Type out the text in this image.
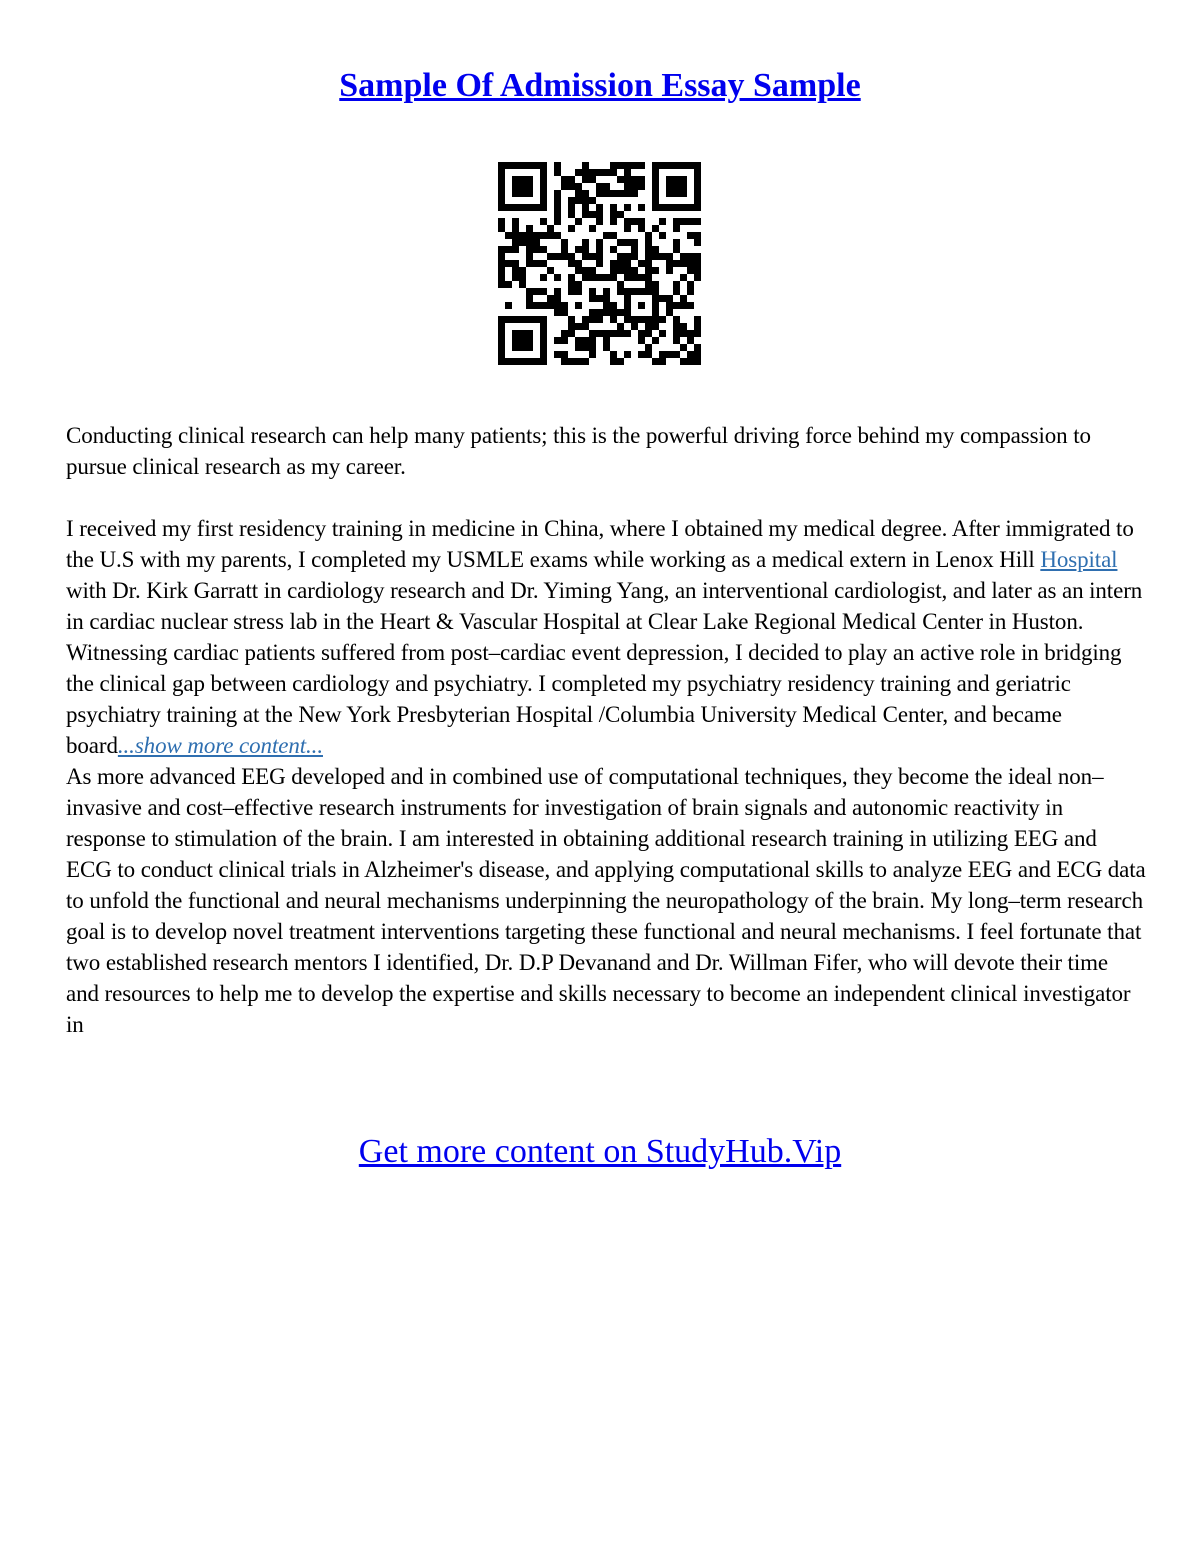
Sample Of Admission Essay Sample

Conducting clinical research can help many patients; this is the powerful driving force behind my compassion to pursue clinical research as my career.

I received my first residency training in medicine in China, where I obtained my medical degree. After immigrated to the U.S with my parents, I completed my USMLE exams while working as a medical extern in Lenox Hill Hospital with Dr. Kirk Garratt in cardiology research and Dr. Yiming Yang, an interventional cardiologist, and later as an intern in cardiac nuclear stress lab in the Heart & Vascular Hospital at Clear Lake Regional Medical Center in Huston. Witnessing cardiac patients suffered from post–cardiac event depression, I decided to play an active role in bridging the clinical gap between cardiology and psychiatry. I completed my psychiatry residency training and geriatric psychiatry training at the New York Presbyterian Hospital /Columbia University Medical Center, and became board...show more content...

As more advanced EEG developed and in combined use of computational techniques, they become the ideal non–invasive and cost–effective research instruments for investigation of brain signals and autonomic reactivity in response to stimulation of the brain. I am interested in obtaining additional research training in utilizing EEG and ECG to conduct clinical trials in Alzheimer's disease, and applying computational skills to analyze EEG and ECG data to unfold the functional and neural mechanisms underpinning the neuropathology of the brain. My long–term research goal is to develop novel treatment interventions targeting these functional and neural mechanisms. I feel fortunate that two established research mentors I identified, Dr. D.P Devanand and Dr. Willman Fifer, who will devote their time and resources to help me to develop the expertise and skills necessary to become an independent clinical investigator in

Get more content on StudyHub.Vip
